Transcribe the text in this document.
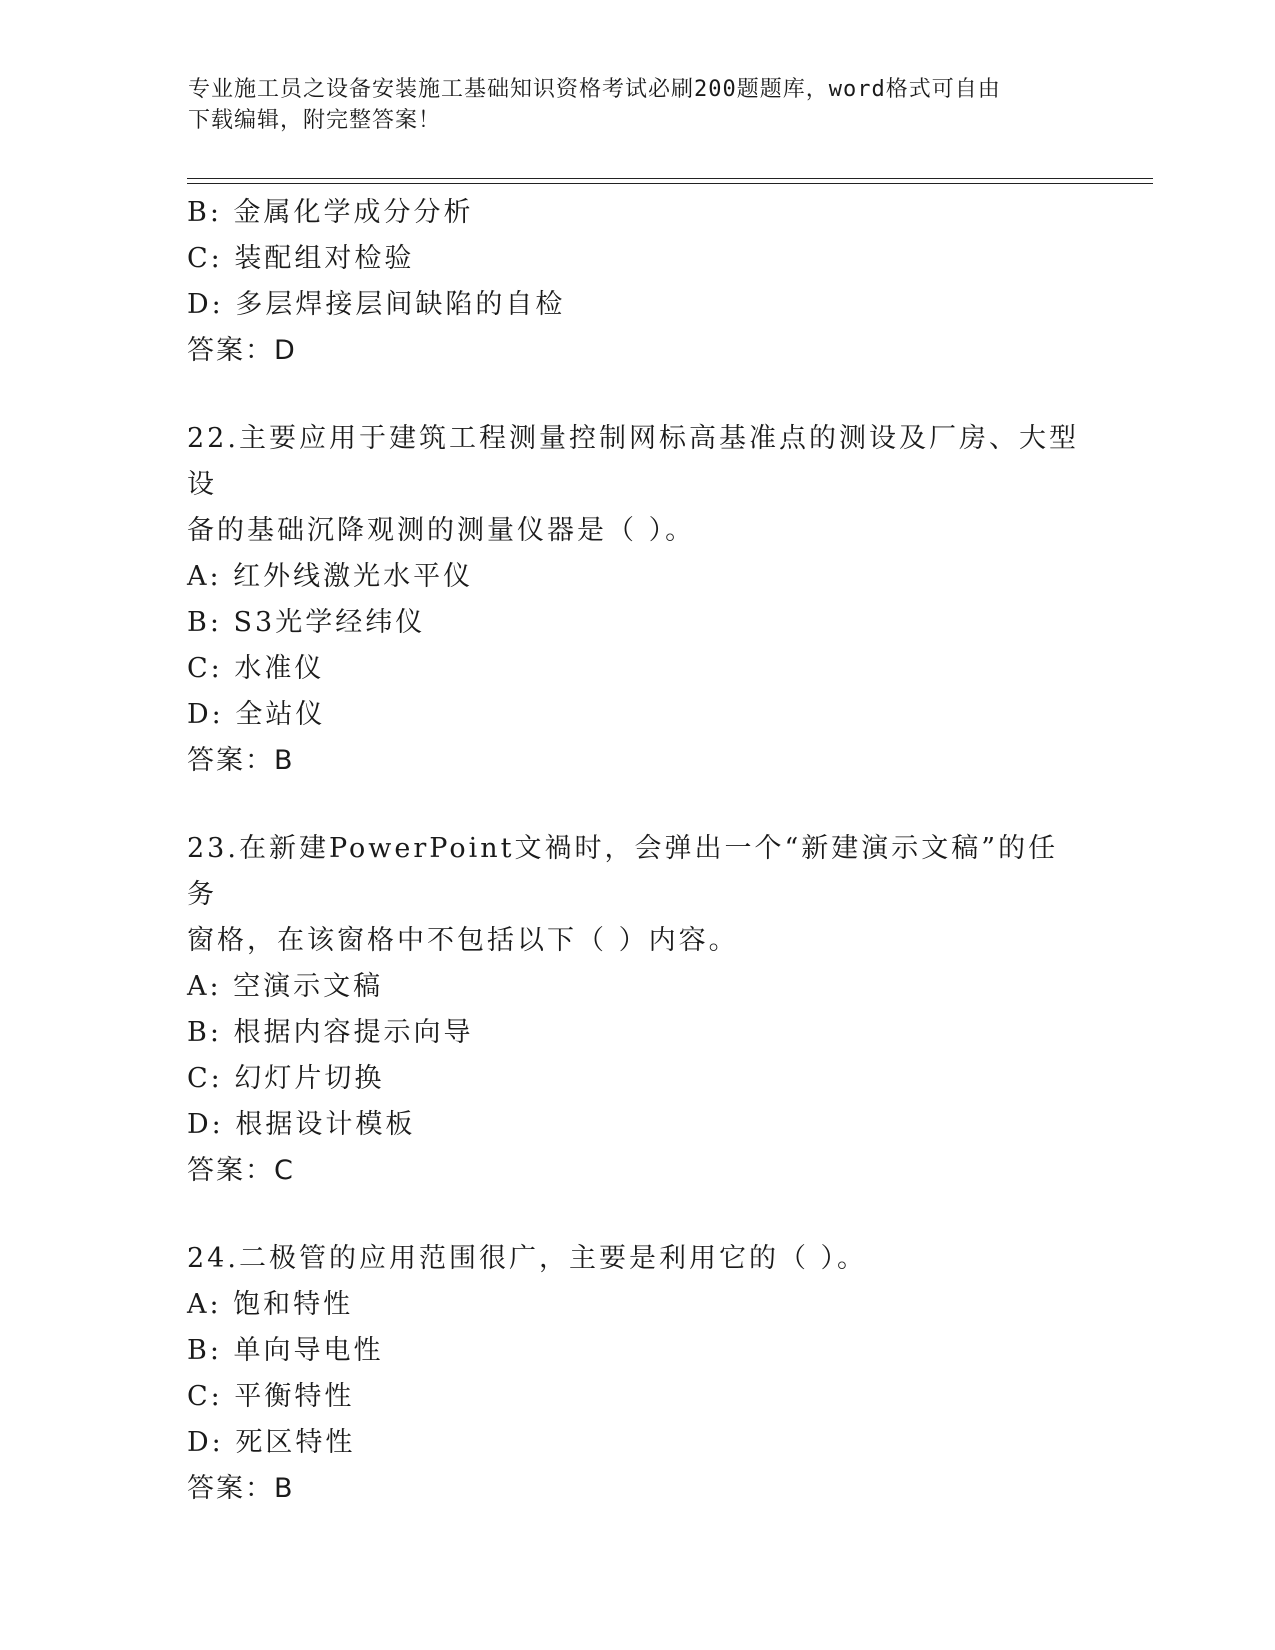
专业施工员之设备安装施工基础知识资格考试必刷200题题库，word格式可自由
下载编辑，附完整答案！
B: 金属化学成分分析
C: 装配组对检验
D: 多层焊接层间缺陷的自检
答案：D
22.主要应用于建筑工程测量控制网标高基准点的测设及厂房、大型设
备的基础沉降观测的测量仪器是（ ）。
A: 红外线激光水平仪
B: S3光学经纬仪
C: 水准仪
D: 全站仪
答案：B
23.在新建PowerPoint文禍时，会弹出一个“新建演示文稿”的任务
窗格，在该窗格中不包括以下（ ）内容。
A: 空演示文稿
B: 根据内容提示向导
C: 幻灯片切换
D: 根据设计模板
答案：C
24.二极管的应用范围很广，主要是利用它的（ ）。
A: 饱和特性
B: 单向导电性
C: 平衡特性
D: 死区特性
答案：B
